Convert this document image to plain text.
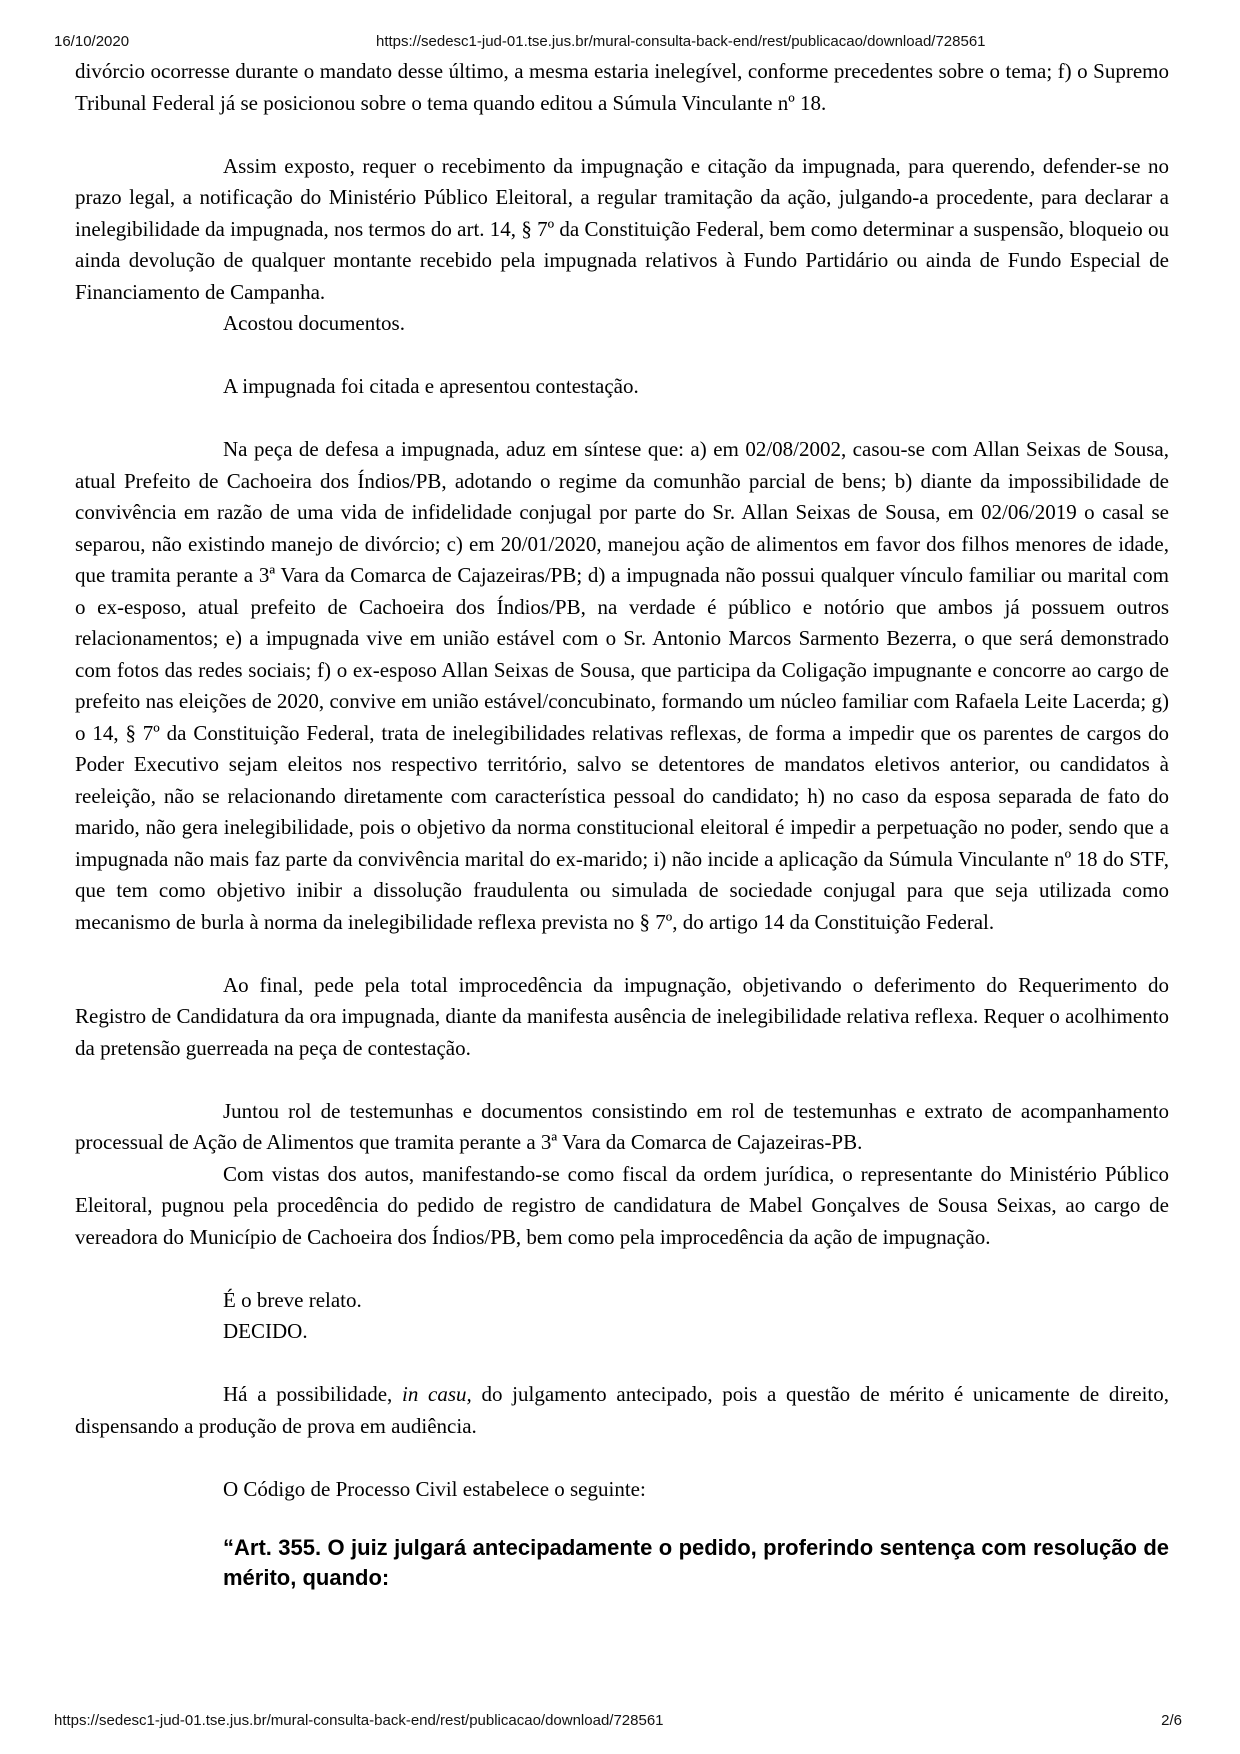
16/10/2020	https://sedesc1-jud-01.tse.jus.br/mural-consulta-back-end/rest/publicacao/download/728561

divórcio ocorresse durante o mandato desse último, a mesma estaria inelegível, conforme precedentes sobre o tema; f) o Supremo Tribunal Federal já se posicionou sobre o tema quando editou a Súmula Vinculante nº 18.

Assim exposto, requer o recebimento da impugnação e citação da impugnada, para querendo, defender-se no prazo legal, a notificação do Ministério Público Eleitoral, a regular tramitação da ação, julgando-a procedente, para declarar a inelegibilidade da impugnada, nos termos do art. 14, § 7º da Constituição Federal, bem como determinar a suspensão, bloqueio ou ainda devolução de qualquer montante recebido pela impugnada relativos à Fundo Partidário ou ainda de Fundo Especial de Financiamento de Campanha.

Acostou documentos.

A impugnada foi citada e apresentou contestação.

Na peça de defesa a impugnada, aduz em síntese que: a) em 02/08/2002, casou-se com Allan Seixas de Sousa, atual Prefeito de Cachoeira dos Índios/PB, adotando o regime da comunhão parcial de bens; b) diante da impossibilidade de convivência em razão de uma vida de infidelidade conjugal por parte do Sr. Allan Seixas de Sousa, em 02/06/2019 o casal se separou, não existindo manejo de divórcio; c) em 20/01/2020, manejou ação de alimentos em favor dos filhos menores de idade, que tramita perante a 3ª Vara da Comarca de Cajazeiras/PB; d) a impugnada não possui qualquer vínculo familiar ou marital com o ex-esposo, atual prefeito de Cachoeira dos Índios/PB, na verdade é público e notório que ambos já possuem outros relacionamentos; e) a impugnada vive em união estável com o Sr. Antonio Marcos Sarmento Bezerra, o que será demonstrado com fotos das redes sociais; f) o ex-esposo Allan Seixas de Sousa, que participa da Coligação impugnante e concorre ao cargo de prefeito nas eleições de 2020, convive em união estável/concubinato, formando um núcleo familiar com Rafaela Leite Lacerda; g) o 14, § 7º da Constituição Federal, trata de inelegibilidades relativas reflexas, de forma a impedir que os parentes de cargos do Poder Executivo sejam eleitos nos respectivo território, salvo se detentores de mandatos eletivos anterior, ou candidatos à reeleição, não se relacionando diretamente com característica pessoal do candidato; h) no caso da esposa separada de fato do marido, não gera inelegibilidade, pois o objetivo da norma constitucional eleitoral é impedir a perpetuação no poder, sendo que a impugnada não mais faz parte da convivência marital do ex-marido; i) não incide a aplicação da Súmula Vinculante nº 18 do STF, que tem como objetivo inibir a dissolução fraudulenta ou simulada de sociedade conjugal para que seja utilizada como mecanismo de burla à norma da inelegibilidade reflexa prevista no § 7º, do artigo 14 da Constituição Federal.

Ao final, pede pela total improcedência da impugnação, objetivando o deferimento do Requerimento do Registro de Candidatura da ora impugnada, diante da manifesta ausência de inelegibilidade relativa reflexa. Requer o acolhimento da pretensão guerreada na peça de contestação.

Juntou rol de testemunhas e documentos consistindo em rol de testemunhas e extrato de acompanhamento processual de Ação de Alimentos que tramita perante a 3ª Vara da Comarca de Cajazeiras-PB.

Com vistas dos autos, manifestando-se como fiscal da ordem jurídica, o representante do Ministério Público Eleitoral, pugnou pela procedência do pedido de registro de candidatura de Mabel Gonçalves de Sousa Seixas, ao cargo de vereadora do Município de Cachoeira dos Índios/PB, bem como pela improcedência da ação de impugnação.

É o breve relato.

DECIDO.

Há a possibilidade, in casu, do julgamento antecipado, pois a questão de mérito é unicamente de direito, dispensando a produção de prova em audiência.

O Código de Processo Civil estabelece o seguinte:

“Art. 355. O juiz julgará antecipadamente o pedido, proferindo sentença com resolução de mérito, quando:

https://sedesc1-jud-01.tse.jus.br/mural-consulta-back-end/rest/publicacao/download/728561	2/6
